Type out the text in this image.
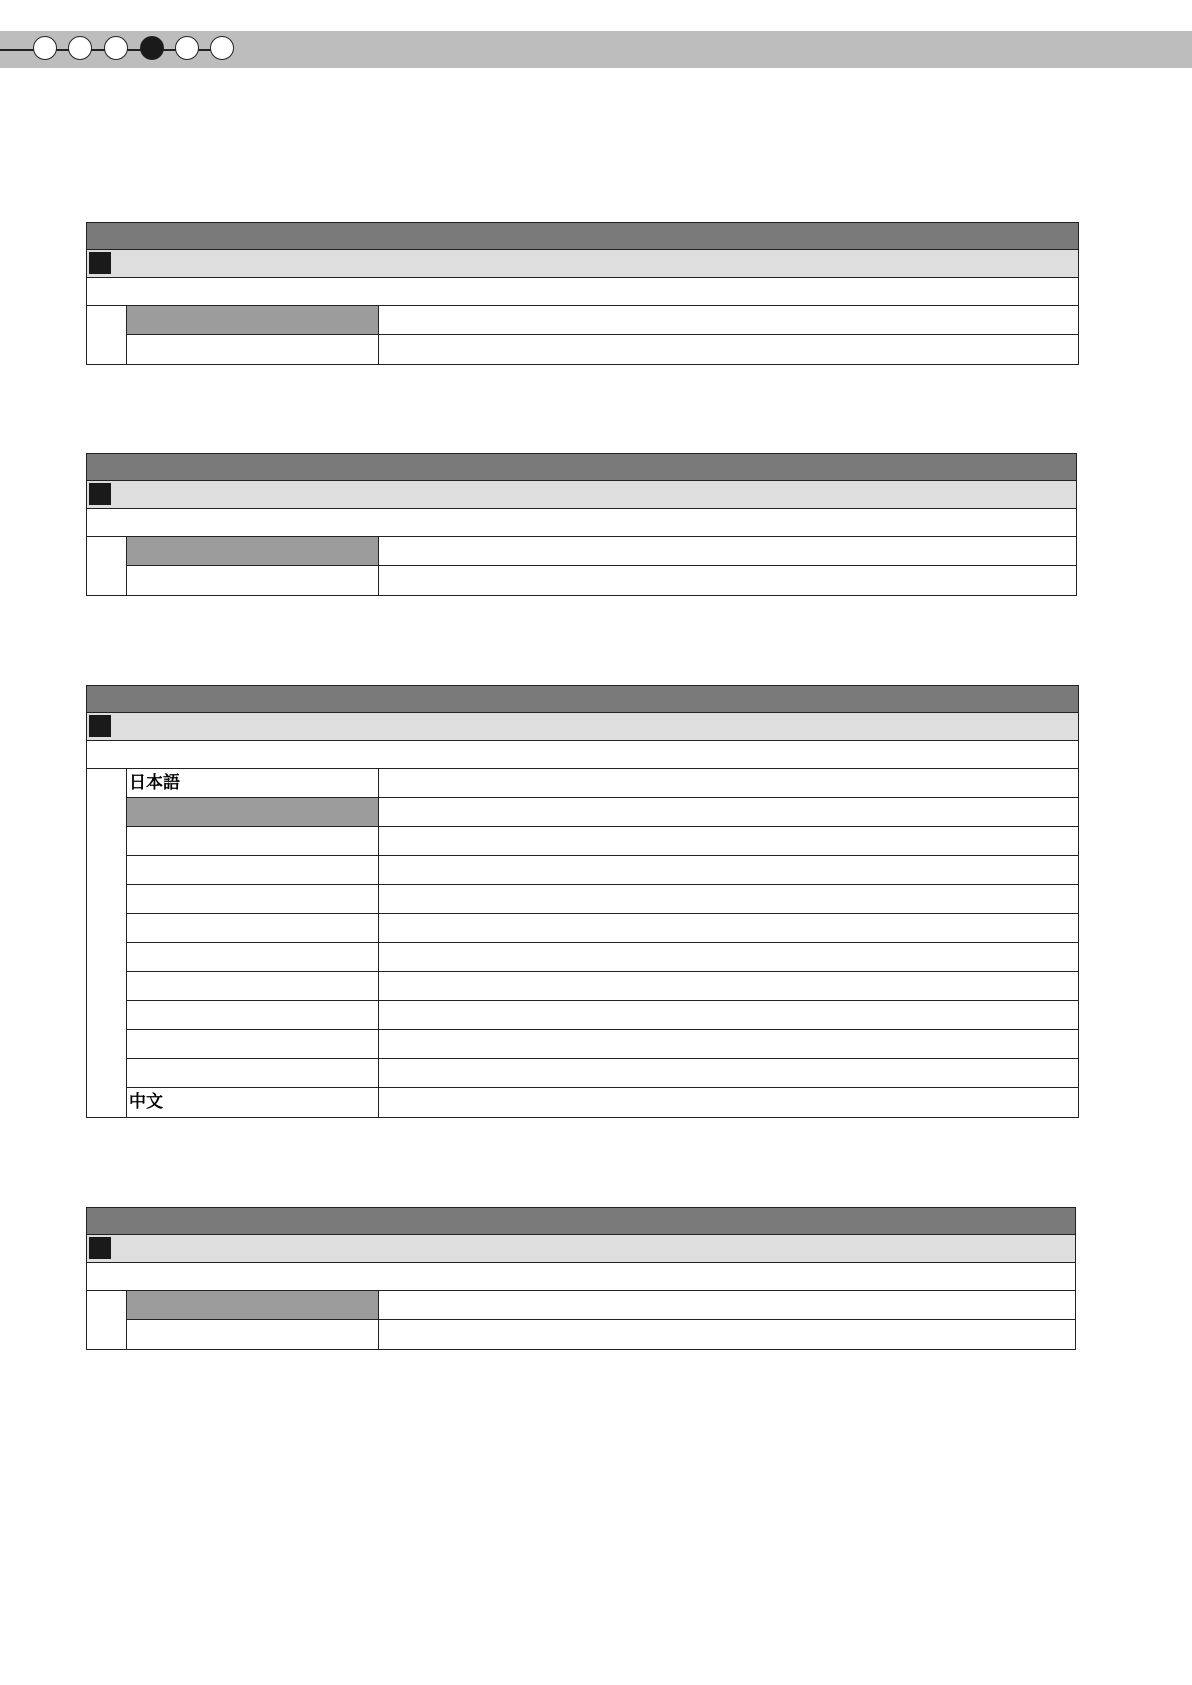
日本語
中文
